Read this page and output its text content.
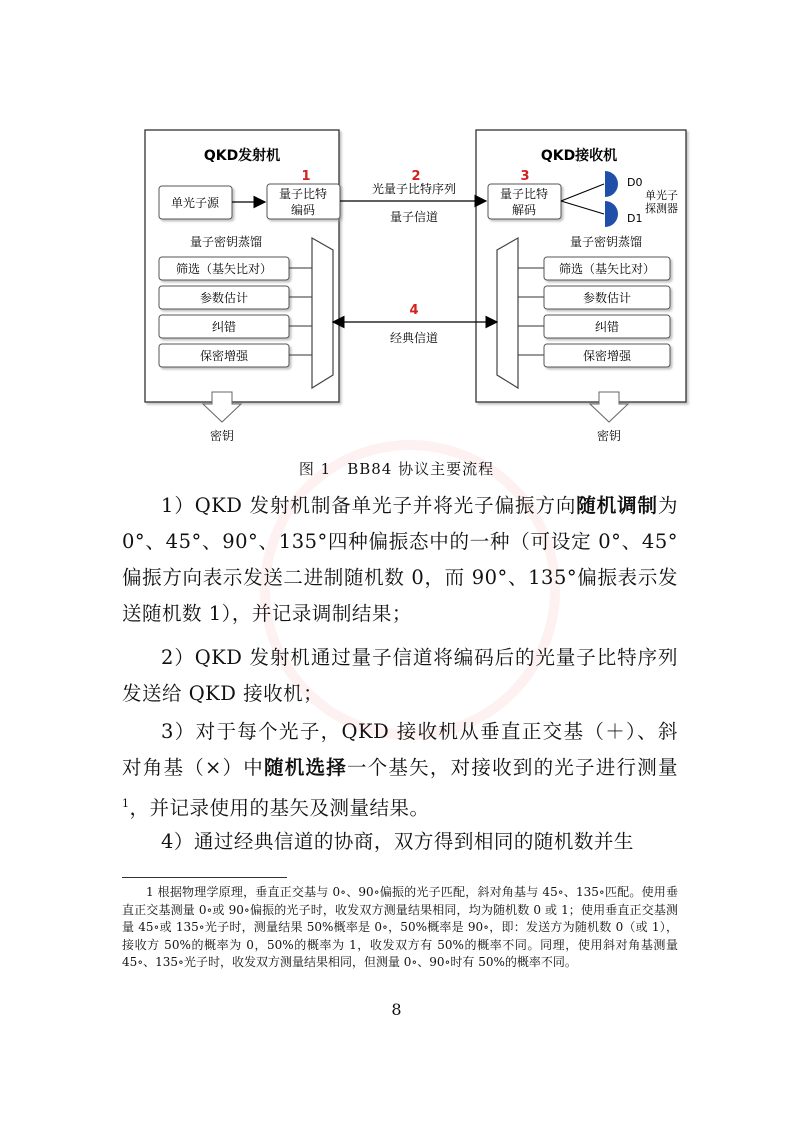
QKD发射机
单光子源
量子比特
编码
1
量子密钥蒸馏
筛选（基矢比对）
参数估计
纠错
保密增强
QKD接收机
量子比特
解码
3	D0
D1
单光子
探测器
量子密钥蒸馏
筛选（基矢比对）
参数估计
纠错
保密增强
2
光量子比特序列
量子信道
4
经典信道
密钥	密钥
图 1　BB84 协议主要流程
1）QKD 发射机制备单光子并将光子偏振方向随机调制为 0°、45°、90°、135°四种偏振态中的一种（可设定 0°、45°偏振方向表示发送二进制随机数 0，而 90°、135°偏振表示发送随机数 1），并记录调制结果；
2）QKD 发射机通过量子信道将编码后的光量子比特序列发送给 QKD 接收机；
3）对于每个光子，QKD 接收机从垂直正交基（＋）、斜对角基（×）中随机选择一个基矢，对接收到的光子进行测量$^1$，并记录使用的基矢及测量结果。
4）通过经典信道的协商，双方得到相同的随机数并生
1 根据物理学原理，垂直正交基与 0∘、90∘偏振的光子匹配，斜对角基与 45∘、135∘匹配。使用垂直正交基测量 0∘或 90∘偏振的光子时，收发双方测量结果相同，均为随机数 0 或 1；使用垂直正交基测量 45∘或 135∘光子时，测量结果 50%概率是 0∘，50%概率是 90∘，即：发送方为随机数 0（或 1），接收方 50%的概率为 0，50%的概率为 1，收发双方有 50%的概率不同。同理，使用斜对角基测量 45∘、135∘光子时，收发双方测量结果相同，但测量 0∘、90∘时有 50%的概率不同。
8
